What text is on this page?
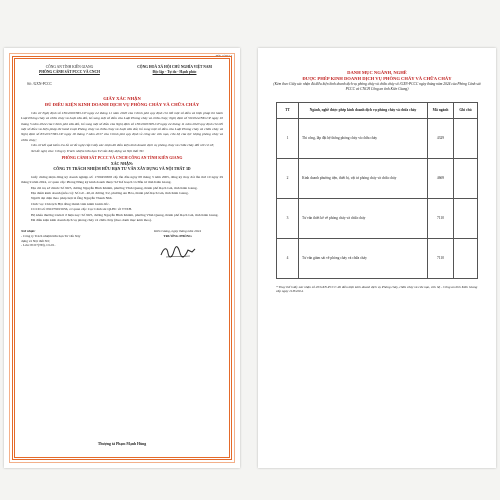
Mẫu số PC14
CÔNG AN TỈNH KIÊN GIANG
PHÒNG CẢNH SÁT PCCC VÀ CNCH
CỘNG HOÀ XÃ HỘI CHỦ NGHĨA VIỆT NAM
Độc lập - Tự do - Hạnh phúc
Số: /GXN-PCCC
GIẤY XÁC NHẬN
ĐỦ ĐIỀU KIỆN KINH DOANH DỊCH VỤ PHÒNG CHÁY VÀ CHỮA CHÁY

Căn cứ Nghị định số 136/2020/NĐ-CP ngày 24 tháng 11 năm 2020 của Chính phủ quy định chi tiết một số điều và biện pháp thi hành Luật Phòng cháy và chữa cháy và Luật sửa đổi, bổ sung một số điều của Luật Phòng cháy và chữa cháy; Nghị định số 50/2024/NĐ-CP ngày 10 tháng 5 năm 2024 của Chính phủ sửa đổi, bổ sung một số điều của Nghị định số 136/2020/NĐ-CP ngày 24 tháng 11 năm 2020 quy định chi tiết một số điều và biện pháp thi hành Luật Phòng cháy và chữa cháy và Luật sửa đổi, bổ sung một số điều của Luật Phòng cháy và chữa cháy và Nghị định số 83/2017/NĐ-CP ngày 18 tháng 7 năm 2017 của Chính phủ quy định về công tác cứu nạn, cứu hộ của lực lượng phòng cháy và chữa cháy;

Căn cứ kết quả kiểm tra hồ sơ đề nghị cấp Giấy xác nhận đủ điều kiện kinh doanh dịch vụ phòng cháy và chữa cháy đối với cơ sở;

Xét đề nghị của: Công ty Trách nhiệm hữu hạn Tư vấn Xây dựng và Nội thất 3D

PHÒNG CẢNH SÁT PCCC VÀ CNCH CÔNG AN TỈNH KIÊN GIANG
XÁC NHẬN:
CÔNG TY TRÁCH NHIỆM HỮU HẠN TƯ VẤN XÂY DỰNG VÀ NỘI THẤT 3D

Giấy chứng nhận đăng ký doanh nghiệp số: 1700459658 cấp lần đầu ngày 08 tháng 3 năm 2005, đăng ký thay đổi lần thứ 10 ngày 29 tháng 9 năm 2024, cơ quan cấp: Phòng Đăng ký kinh doanh thuộc Sở Kế hoạch và Đầu tư tỉnh Kiên Giang.

Địa chỉ trụ sở chính: Số 90/5, đường Nguyễn Bỉnh Khiêm, phường Vĩnh Quang, thành phố Rạch Giá, tỉnh Kiên Giang.

Địa điểm kinh doanh (nếu có): Số G0 - 40,41 đường 3/2, phường An Hòa, thành phố Rạch Giá, tỉnh Kiên Giang.

Người đại diện theo pháp luật là Ông Nguyễn Thanh Nhã.

Chức vụ: Chủ tịch Hội đồng thành viên kiêm Giám đốc.

CCCD số: 091079015656, cơ quan cấp: Cục Cảnh sát QLHC về TTXH.

Hộ khẩu thường trú/nơi ở hiện nay: Số 90/5, đường Nguyễn Bỉnh Khiêm, phường Vĩnh Quang, thành phố Rạch Giá, tỉnh Kiên Giang.

Đủ điều kiện kinh doanh dịch vụ phòng cháy và chữa cháy (theo danh mục kèm theo).

Nơi nhận:
- Công ty Trách nhiệm hữu hạn Tư vấn Xây
dựng và Nội thất 3D;
- Lưu: PC07(TĐ), Cb.01.
Kiên Giang, ngày tháng năm 2024
TRƯỞNG PHÒNG
Thượng tá Phạm Mạnh Hùng
DANH MỤC NGÀNH, NGHỀ
ĐƯỢC PHÉP KINH DOANH DỊCH VỤ PHÒNG CHÁY VÀ CHỮA CHÁY
(Kèm theo Giấy xác nhận đủ điều kiện kinh doanh dịch vụ phòng cháy và chữa cháy số /GXN-PCCC ngày tháng năm 2024 của Phòng Cảnh sát PCCC và CNCH Công an tỉnh Kiên Giang)
TT	Ngành, nghề được phép kinh doanh dịch vụ phòng cháy và chữa cháy	Mã ngành	Ghi chú
1	Thi công, lắp đặt hệ thống phòng cháy và chữa cháy	4329	
2	Kinh doanh phương tiện, thiết bị, vật tư phòng cháy và chữa cháy	4669	
3	Tư vấn thiết kế về phòng cháy và chữa cháy	7110	
4	Tư vấn giám sát về phòng cháy và chữa cháy	7110	
* Thay thế Giấy xác nhận số 20/GXN-PCCC đủ điều kiện kinh doanh dịch vụ Phòng cháy, chữa cháy và cứu nạn, cứu hộ - Công an tỉnh Kiên Giang cấp ngày 11/8/2024.
